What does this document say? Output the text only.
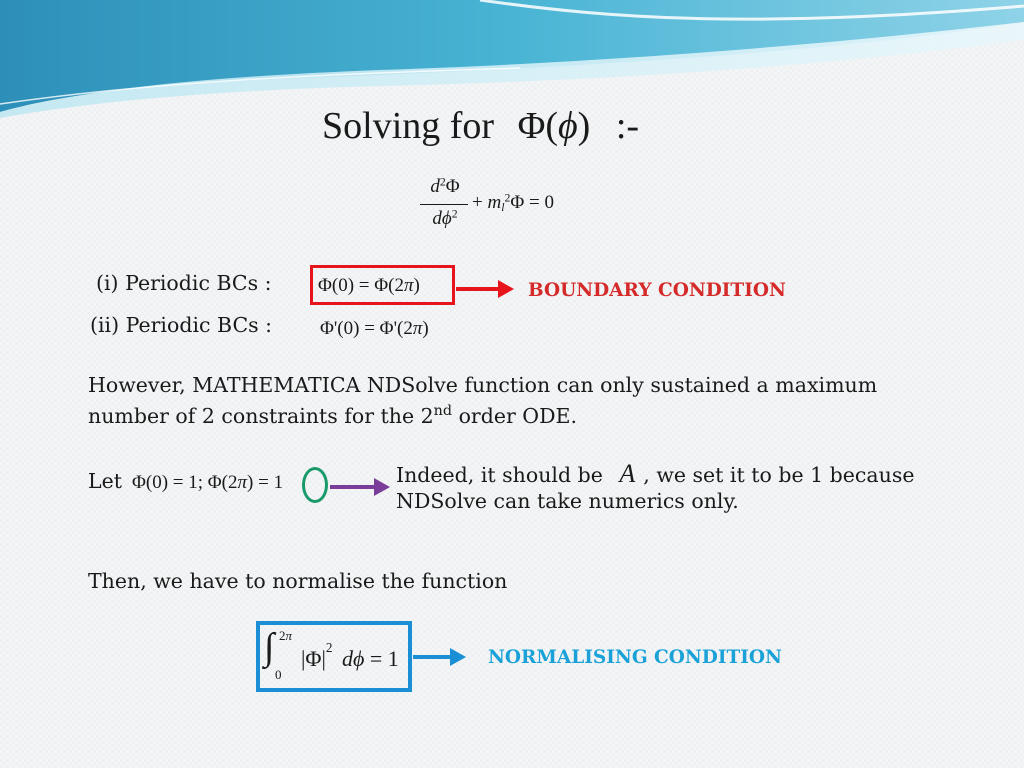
Solving for Φ(ϕ) :-
$d^2\Phi$
$d\phi^2$
+ $m_l^2\Phi = 0$
(i) Periodic BCs : Φ(0) = Φ(2π)	BOUNDARY CONDITION
(ii) Periodic BCs :	Φ'(0) = Φ'(2π)
However, MATHEMATICA NDSolve function can only sustained a maximum
number of 2 constraints for the 2nd order ODE.
Let Φ(0) = 1; Φ(2π) = 1	Indeed, it should be A , we set it to be 1 because
NDSolve can take numerics only.
Then, we have to normalise the function
∫ 2π
0
$|\Phi|^2$ dϕ = 1	NORMALISING CONDITION
